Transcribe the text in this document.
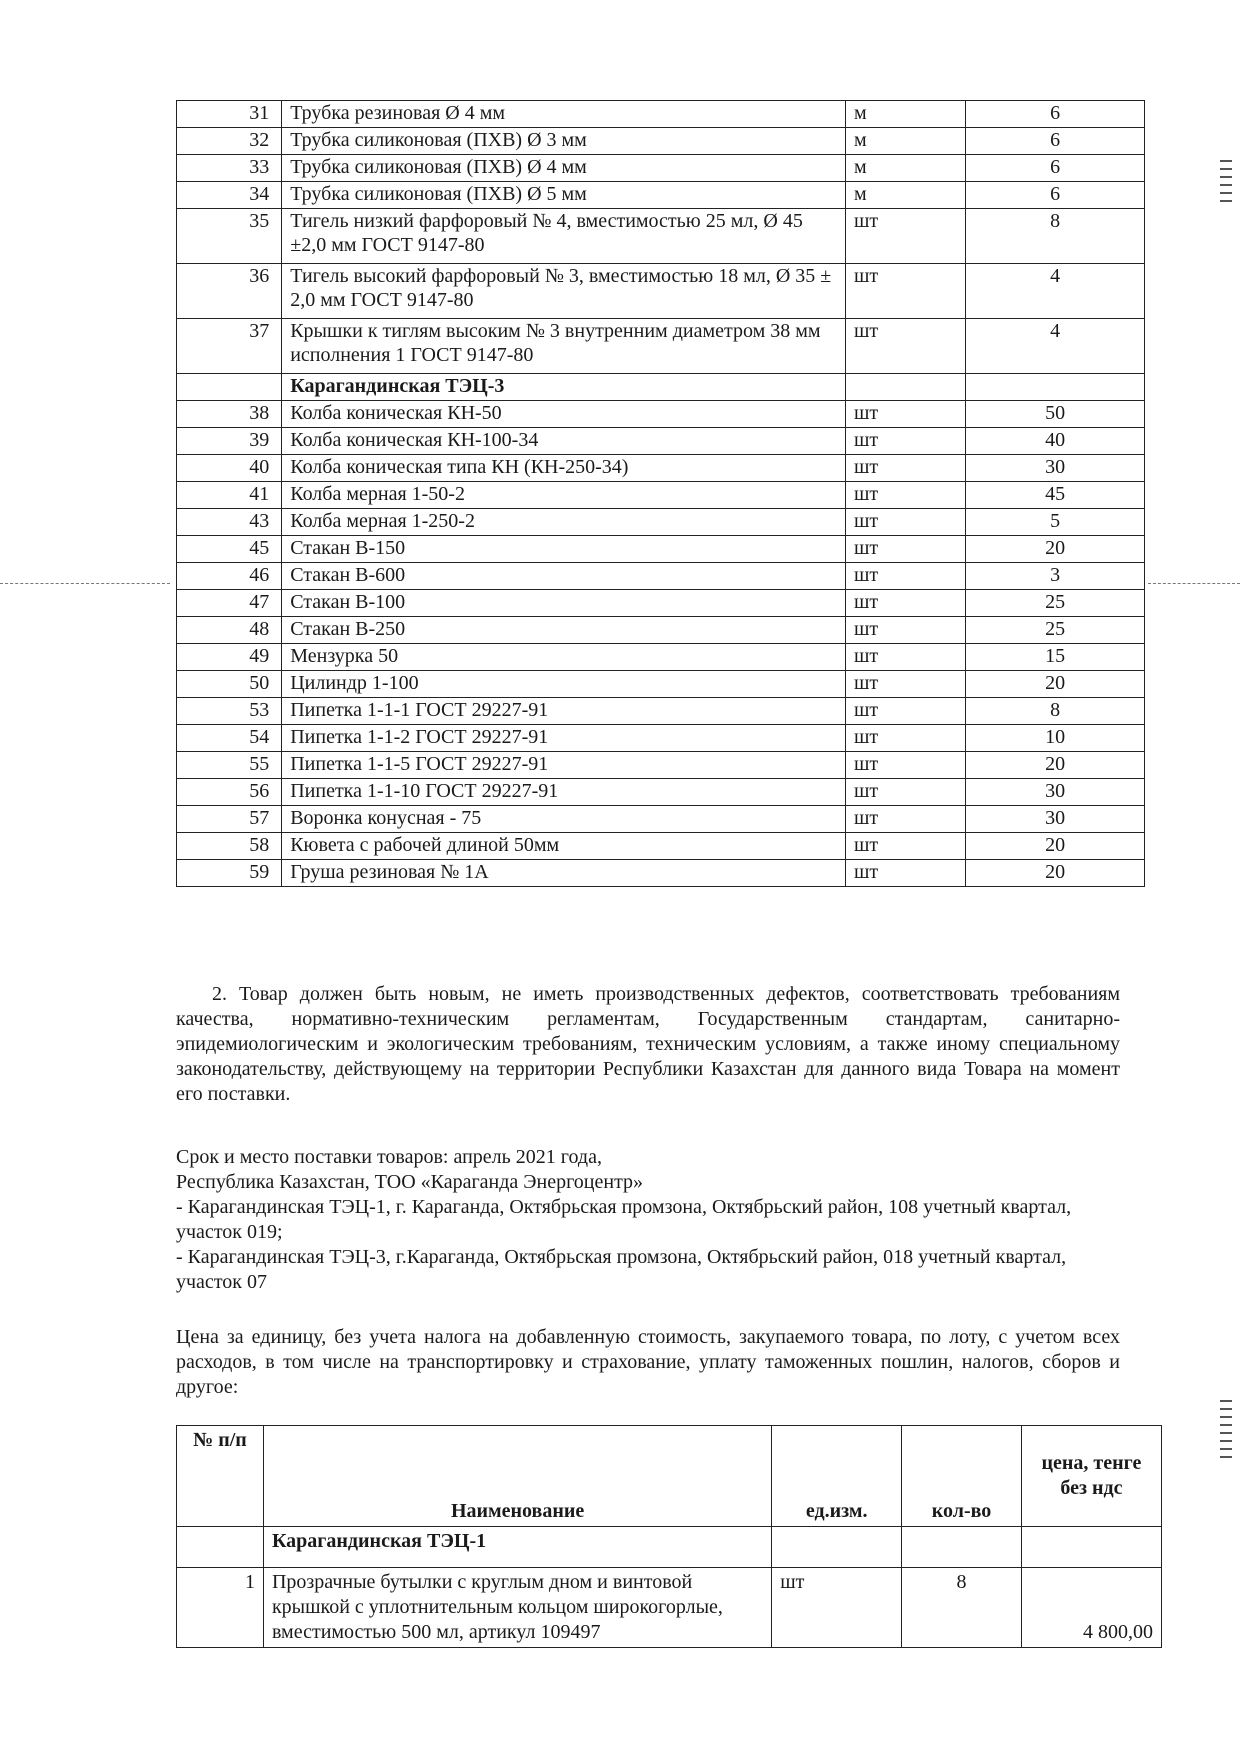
31	Трубка резиновая Ø 4 мм	м	6
32	Трубка силиконовая (ПХВ) Ø 3 мм	м	6
33	Трубка силиконовая (ПХВ) Ø 4 мм	м	6
34	Трубка силиконовая (ПХВ) Ø 5 мм	м	6
35	Тигель низкий фарфоровый № 4, вместимостью 25 мл, Ø 45 ±2,0 мм ГОСТ 9147-80	шт	8
36	Тигель высокий фарфоровый № 3, вместимостью 18 мл, Ø 35 ± 2,0 мм ГОСТ 9147-80	шт	4
37	Крышки к тиглям высоким № 3 внутренним диаметром 38 мм исполнения 1 ГОСТ 9147-80	шт	4
	Карагандинская ТЭЦ-3		
38	Колба коническая КН-50	шт	50
39	Колба коническая КН-100-34	шт	40
40	Колба коническая типа КН (КН-250-34)	шт	30
41	Колба мерная 1-50-2	шт	45
43	Колба мерная 1-250-2	шт	5
45	Стакан В-150	шт	20
46	Стакан В-600	шт	3
47	Стакан В-100	шт	25
48	Стакан В-250	шт	25
49	Мензурка 50	шт	15
50	Цилиндр 1-100	шт	20
53	Пипетка 1-1-1 ГОСТ 29227-91	шт	8
54	Пипетка 1-1-2 ГОСТ 29227-91	шт	10
55	Пипетка 1-1-5 ГОСТ 29227-91	шт	20
56	Пипетка 1-1-10 ГОСТ 29227-91	шт	30
57	Воронка конусная - 75	шт	30
58	Кювета с рабочей длиной 50мм	шт	20
59	Груша резиновая № 1А	шт	20
2. Товар должен быть новым, не иметь производственных дефектов, соответствовать требованиям качества, нормативно-техническим регламентам, Государственным стандартам, санитарно-эпидемиологическим и экологическим требованиям, техническим условиям, а также иному специальному законодательству, действующему на территории Республики Казахстан для данного вида Товара на момент его поставки.
Срок и место поставки товаров: апрель 2021 года,
Республика Казахстан, ТОО «Караганда Энергоцентр»
- Карагандинская ТЭЦ-1, г. Караганда, Октябрьская промзона, Октябрьский район, 108 учетный квартал, участок 019;
- Карагандинская ТЭЦ-3, г.Караганда, Октябрьская промзона, Октябрьский район, 018 учетный квартал, участок 07
Цена за единицу, без учета налога на добавленную стоимость, закупаемого товара, по лоту, с учетом всех расходов, в том числе на транспортировку и страхование, уплату таможенных пошлин, налогов, сборов и другое:
№ п/п	Наименование	ед.изм.	кол-во	цена, тенге без ндс
	Карагандинская ТЭЦ-1			
1	Прозрачные бутылки с круглым дном и винтовой крышкой с уплотнительным кольцом широкогорлые, вместимостью 500 мл, артикул 109497	шт	8	4 800,00
